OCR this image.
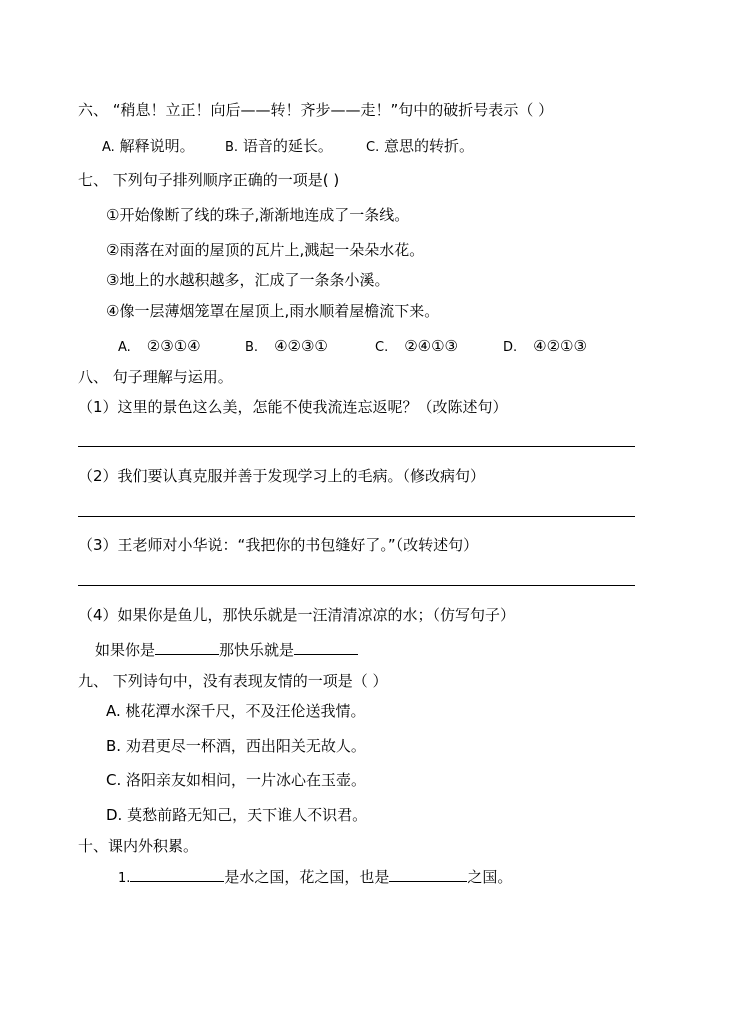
六、 “稍息！立正！向后——转！齐步——走！”句中的破折号表示（ ）
A. 解释说明。 B. 语音的延长。	C. 意思的转折。
七、 下列句子排列顺序正确的一项是( )
①开始像断了线的珠子,渐渐地连成了一条线。
②雨落在对面的屋顶的瓦片上,溅起一朵朵水花。
③地上的水越积越多，汇成了一条条小溪。
④像一层薄烟笼罩在屋顶上,雨水顺着屋檐流下来。
A. ②③①④	B. ④②③①	C. ②④①③	D. ④②①③
八、 句子理解与运用。
（1）这里的景色这么美，怎能不使我流连忘返呢？（改陈述句）
（2）我们要认真克服并善于发现学习上的毛病。（修改病句）
（3）王老师对小华说：“我把你的书包缝好了。”（改转述句）
（4）如果你是鱼儿，那快乐就是一汪清清凉凉的水；（仿写句子）
如果你是	那快乐就是
九、 下列诗句中，没有表现友情的一项是（ ）
A. 桃花潭水深千尺，不及汪伦送我情。
B. 劝君更尽一杯酒，西出阳关无故人。
C. 洛阳亲友如相问，一片冰心在玉壶。
D. 莫愁前路无知己，天下谁人不识君。
十、课内外积累。
1.	是水之国，花之国，也是	之国。
